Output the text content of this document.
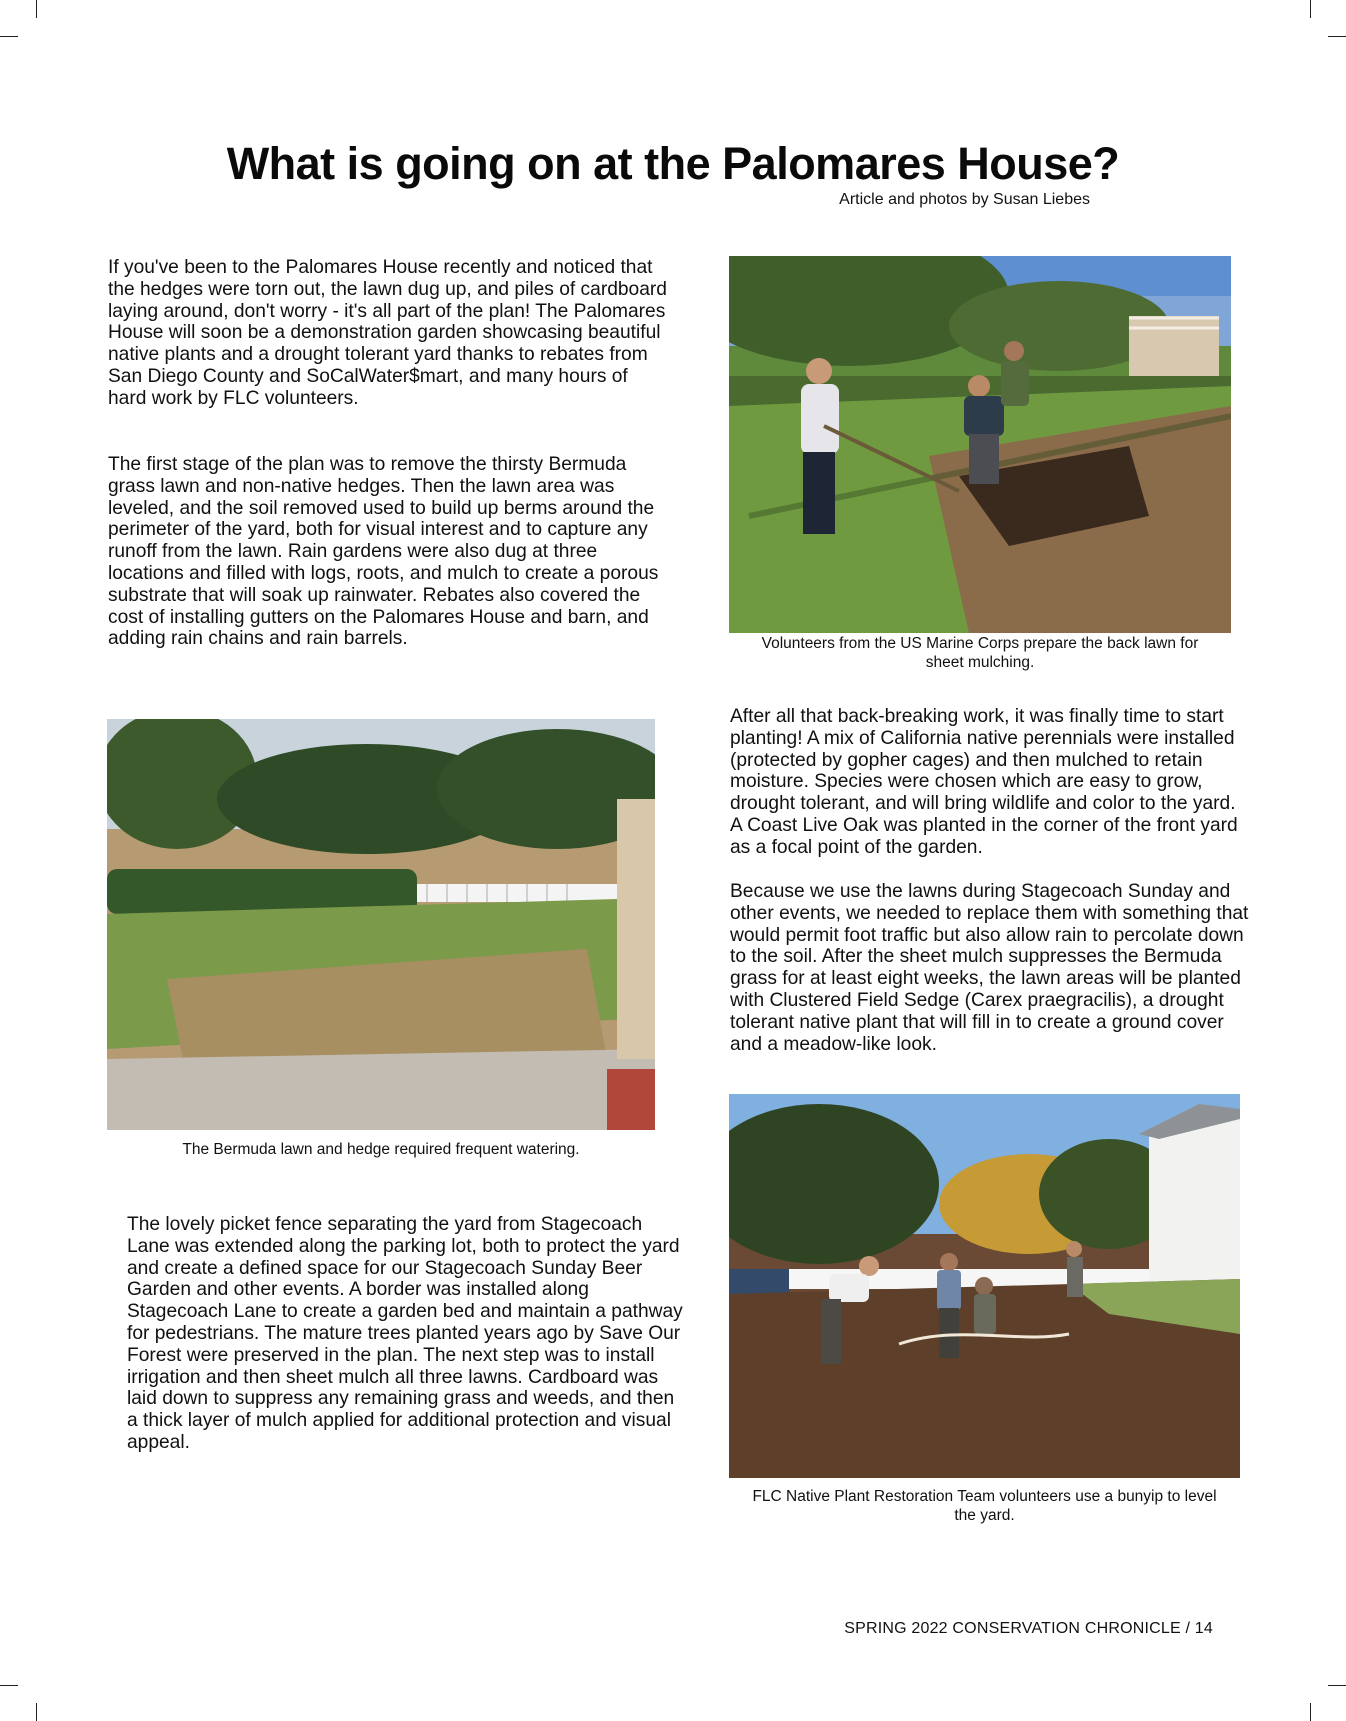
What is going on at the Palomares House?
Article and photos by Susan Liebes

If you've been to the Palomares House recently and noticed that the hedges were torn out, the lawn dug up, and piles of cardboard laying around, don't worry - it's all part of the plan! The Palomares House will soon be a demonstration garden showcasing beautiful native plants and a drought tolerant yard thanks to rebates from San Diego County and SoCalWater$mart, and many hours of hard work by FLC volunteers.

The first stage of the plan was to remove the thirsty Bermuda grass lawn and non-native hedges. Then the lawn area was leveled, and the soil removed used to build up berms around the perimeter of the yard, both for visual interest and to capture any runoff from the lawn. Rain gardens were also dug at three locations and filled with logs, roots, and mulch to create a porous substrate that will soak up rainwater. Rebates also covered the cost of installing gutters on the Palomares House and barn, and adding rain chains and rain barrels.	Volunteers from the US Marine Corps prepare the back lawn for sheet mulching.
The Bermuda lawn and hedge required frequent watering.

After all that back-breaking work, it was finally time to start planting! A mix of California native perennials were installed (protected by gopher cages) and then mulched to retain moisture. Species were chosen which are easy to grow, drought tolerant, and will bring wildlife and color to the yard. A Coast Live Oak was planted in the corner of the front yard as a focal point of the garden.

Because we use the lawns during Stagecoach Sunday and other events, we needed to replace them with something that would permit foot traffic but also allow rain to percolate down to the soil. After the sheet mulch suppresses the Bermuda grass for at least eight weeks, the lawn areas will be planted with Clustered Field Sedge (Carex praegracilis), a drought tolerant native plant that will fill in to create a ground cover and a meadow-like look.

FLC Native Plant Restoration Team volunteers use a bunyip to level the yard.

The lovely picket fence separating the yard from Stagecoach Lane was extended along the parking lot, both to protect the yard and create a defined space for our Stagecoach Sunday Beer Garden and other events. A border was installed along Stagecoach Lane to create a garden bed and maintain a pathway for pedestrians. The mature trees planted years ago by Save Our Forest were preserved in the plan. The next step was to install irrigation and then sheet mulch all three lawns. Cardboard was laid down to suppress any remaining grass and weeds, and then a thick layer of mulch applied for additional protection and visual appeal.

SPRING 2022 CONSERVATION CHRONICLE / 14
